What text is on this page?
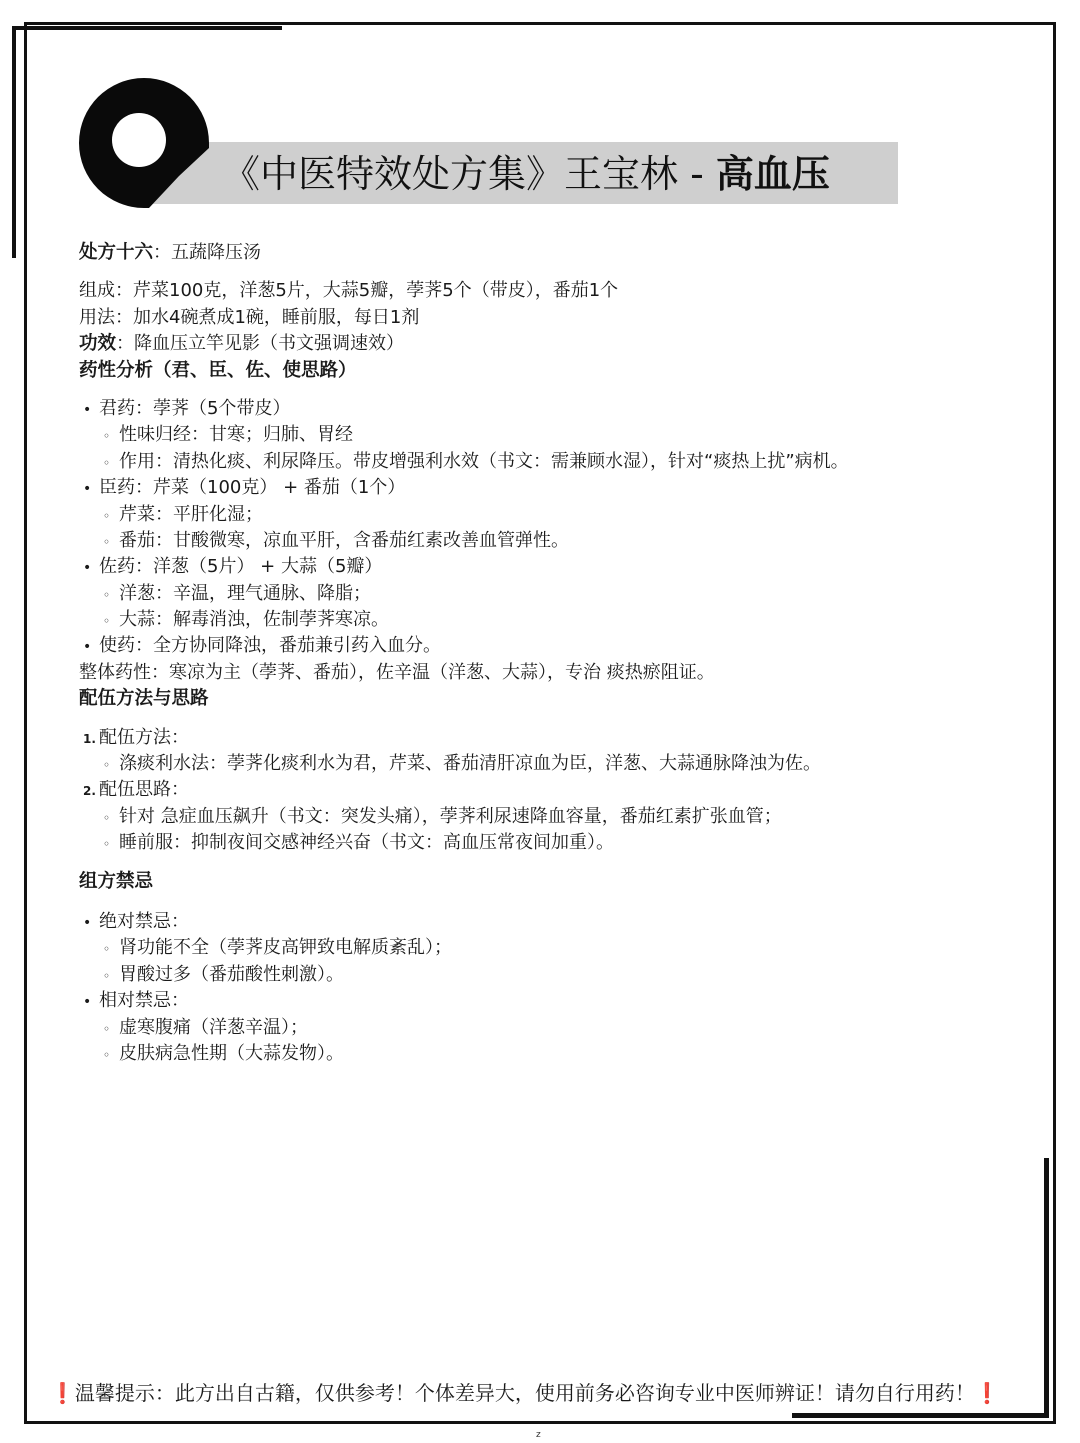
《中医特效处方集》王宝林 - 高血压
处方十六：五蔬降压汤
组成：芹菜100克，洋葱5片，大蒜5瓣，荸荠5个（带皮），番茄1个
用法：加水4碗煮成1碗，睡前服，每日1剂
功效：降血压立竿见影（书文强调速效）
药性分析（君、臣、佐、使思路）
• 君药：荸荠（5个带皮）
◦ 性味归经：甘寒；归肺、胃经
◦ 作用：清热化痰、利尿降压。带皮增强利水效（书文：需兼顾水湿），针对“痰热上扰”病机。
• 臣药：芹菜（100克） + 番茄（1个）
◦ 芹菜：平肝化湿；
◦ 番茄：甘酸微寒，凉血平肝，含番茄红素改善血管弹性。
• 佐药：洋葱（5片） + 大蒜（5瓣）
◦ 洋葱：辛温，理气通脉、降脂；
◦ 大蒜：解毒消浊，佐制荸荠寒凉。
• 使药：全方协同降浊，番茄兼引药入血分。
整体药性：寒凉为主（荸荠、番茄），佐辛温（洋葱、大蒜），专治 痰热瘀阻证。
配伍方法与思路
1. 配伍方法：
◦ 涤痰利水法：荸荠化痰利水为君，芹菜、番茄清肝凉血为臣，洋葱、大蒜通脉降浊为佐。
2. 配伍思路：
◦ 针对 急症血压飙升（书文：突发头痛），荸荠利尿速降血容量，番茄红素扩张血管；
◦ 睡前服：抑制夜间交感神经兴奋（书文：高血压常夜间加重）。
组方禁忌
• 绝对禁忌：
◦ 肾功能不全（荸荠皮高钾致电解质紊乱）；
◦ 胃酸过多（番茄酸性刺激）。
• 相对禁忌：
◦ 虚寒腹痛（洋葱辛温）；
◦ 皮肤病急性期（大蒜发物）。
❗温馨提示：此方出自古籍，仅供参考！个体差异大，使用前务必咨询专业中医师辨证！请勿自行用药！❗
z
